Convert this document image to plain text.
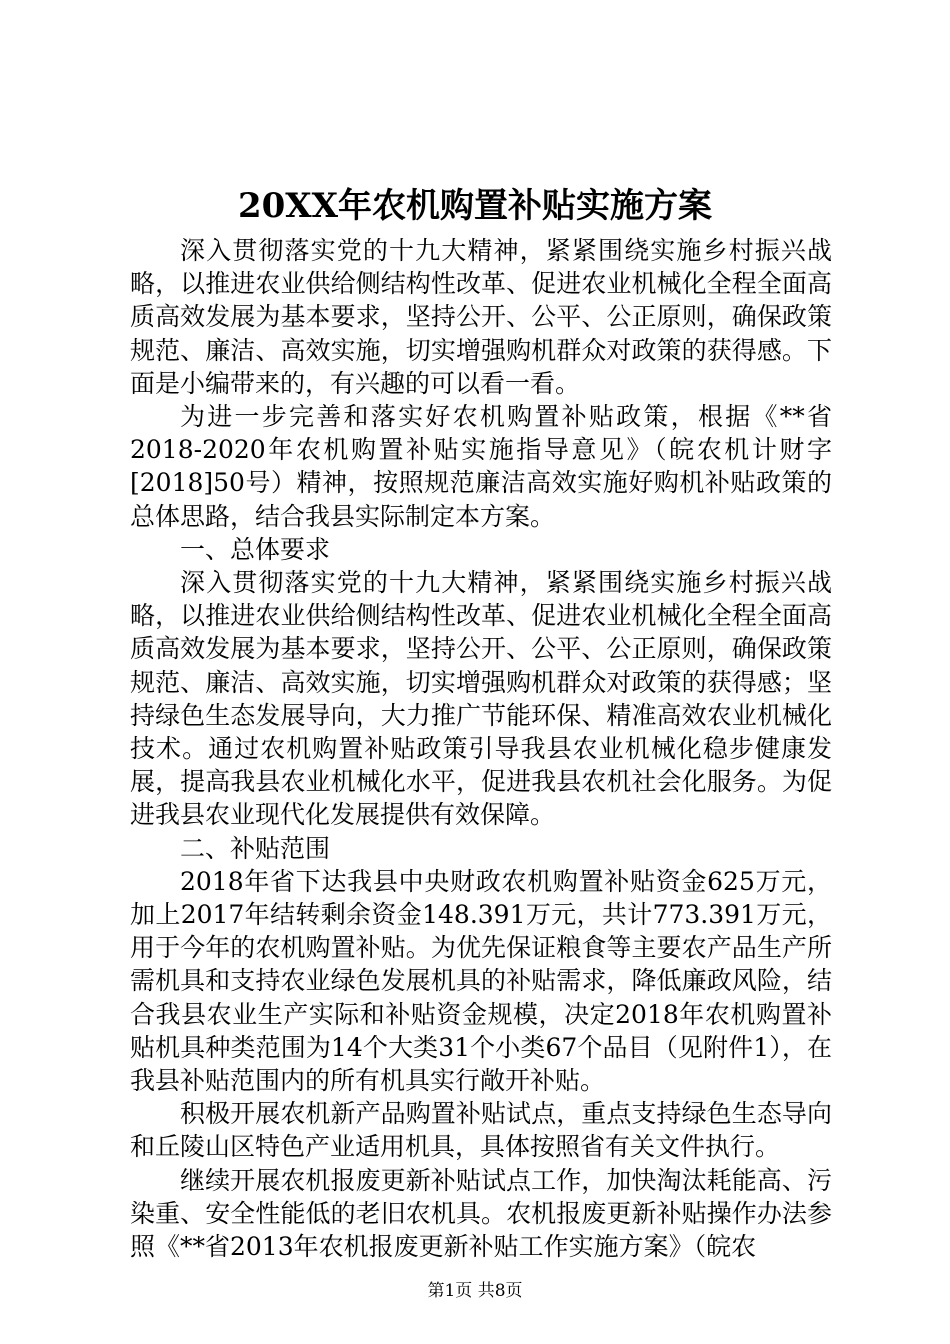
20XX年农机购置补贴实施方案

深入贯彻落实党的十九大精神，紧紧围绕实施乡村振兴战略，以推进农业供给侧结构性改革、促进农业机械化全程全面高质高效发展为基本要求，坚持公开、公平、公正原则，确保政策规范、廉洁、高效实施，切实增强购机群众对政策的获得感。下面是小编带来的，有兴趣的可以看一看。

为进一步完善和落实好农机购置补贴政策，根据《**省2018-2020年农机购置补贴实施指导意见》（皖农机计财字[2018]50号）精神，按照规范廉洁高效实施好购机补贴政策的总体思路，结合我县实际制定本方案。

一、总体要求

深入贯彻落实党的十九大精神，紧紧围绕实施乡村振兴战略，以推进农业供给侧结构性改革、促进农业机械化全程全面高质高效发展为基本要求，坚持公开、公平、公正原则，确保政策规范、廉洁、高效实施，切实增强购机群众对政策的获得感；坚持绿色生态发展导向，大力推广节能环保、精准高效农业机械化技术。通过农机购置补贴政策引导我县农业机械化稳步健康发展，提高我县农业机械化水平，促进我县农机社会化服务。为促进我县农业现代化发展提供有效保障。

二、补贴范围

2018年省下达我县中央财政农机购置补贴资金625万元，加上2017年结转剩余资金148.391万元，共计773.391万元，用于今年的农机购置补贴。为优先保证粮食等主要农产品生产所需机具和支持农业绿色发展机具的补贴需求，降低廉政风险，结合我县农业生产实际和补贴资金规模，决定2018年农机购置补贴机具种类范围为14个大类31个小类67个品目（见附件1），在我县补贴范围内的所有机具实行敞开补贴。

积极开展农机新产品购置补贴试点，重点支持绿色生态导向和丘陵山区特色产业适用机具，具体按照省有关文件执行。

继续开展农机报废更新补贴试点工作，加快淘汰耗能高、污染重、安全性能低的老旧农机具。农机报废更新补贴操作办法参照《**省2013年农机报废更新补贴工作实施方案》（皖农

第1页 共8页
